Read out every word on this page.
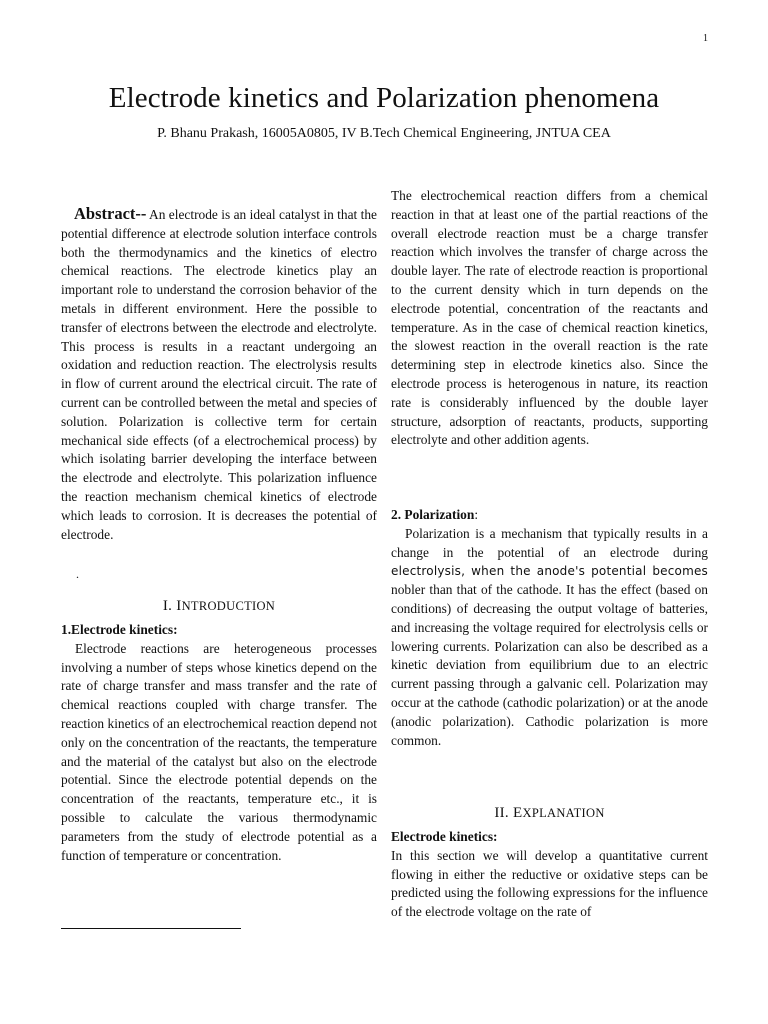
1
Electrode kinetics and Polarization phenomena
P. Bhanu Prakash, 16005A0805, IV B.Tech Chemical Engineering, JNTUA CEA

Abstract-- An electrode is an ideal catalyst in that the potential difference at electrode solution interface controls both the thermodynamics and the kinetics of electro chemical reactions. The electrode kinetics play an important role to understand the corrosion behavior of the metals in different environment. Here the possible to transfer of electrons between the electrode and electrolyte. This process is results in a reactant undergoing an oxidation and reduction reaction. The electrolysis results in flow of current around the electrical circuit. The rate of current can be controlled between the metal and species of solution. Polarization is collective term for certain mechanical side effects (of a electrochemical process) by which isolating barrier developing the interface between the electrode and electrolyte. This polarization influence the reaction mechanism chemical kinetics of electrode which leads to corrosion. It is decreases the potential of electrode.

.
I. INTRODUCTION

1.Electrode kinetics:

Electrode reactions are heterogeneous processes involving a number of steps whose kinetics depend on the rate of charge transfer and mass transfer and the rate of chemical reactions coupled with charge transfer. The reaction kinetics of an electrochemical reaction depend not only on the concentration of the reactants, the temperature and the material of the catalyst but also on the electrode potential. Since the electrode potential depends on the concentration of the reactants, temperature etc., it is possible to calculate the various thermodynamic parameters from the study of electrode potential as a function of temperature or concentration.

The electrochemical reaction differs from a chemical reaction in that at least one of the partial reactions of the overall electrode reaction must be a charge transfer reaction which involves the transfer of charge across the double layer. The rate of electrode reaction is proportional to the current density which in turn depends on the electrode potential, concentration of the reactants and temperature. As in the case of chemical reaction kinetics, the slowest reaction in the overall reaction is the rate determining step in electrode kinetics also. Since the electrode process is heterogenous in nature, its reaction rate is considerably influenced by the double layer structure, adsorption of reactants, products, supporting electrolyte and other addition agents.

2. Polarization:

Polarization is a mechanism that typically results in a change in the potential of an electrode during electrolysis, when the anode's potential becomes nobler than that of the cathode. It has the effect (based on conditions) of decreasing the output voltage of batteries, and increasing the voltage required for electrolysis cells or lowering currents. Polarization can also be described as a kinetic deviation from equilibrium due to an electric current passing through a galvanic cell. Polarization may occur at the cathode (cathodic polarization) or at the anode (anodic polarization). Cathodic polarization is more common.

II. EXPLANATION

Electrode kinetics:

In this section we will develop a quantitative current flowing in either the reductive or oxidative steps can be predicted using the following expressions for the influence of the electrode voltage on the rate of
